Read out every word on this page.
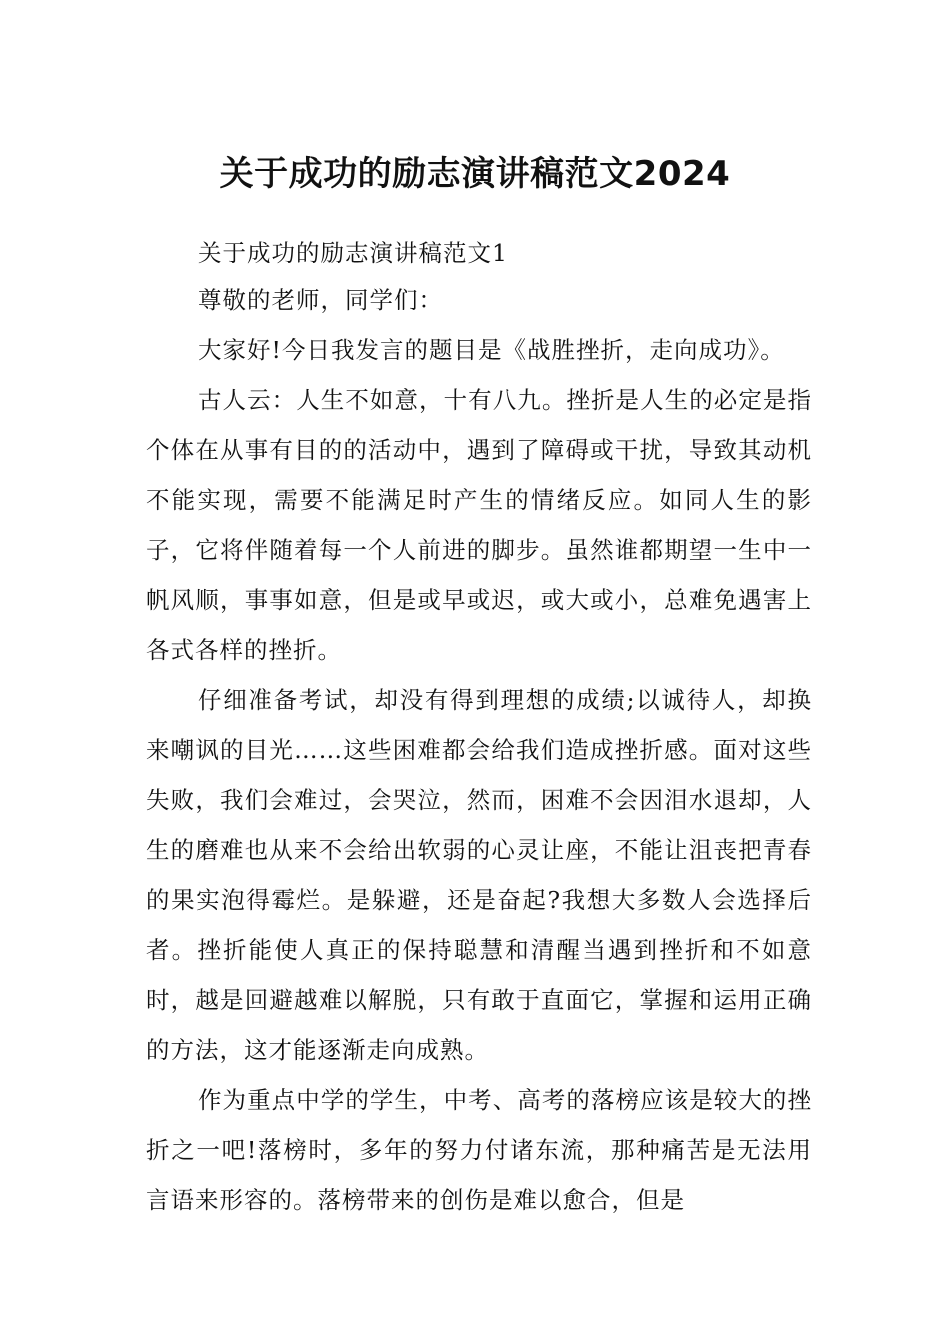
关于成功的励志演讲稿范文2024

关于成功的励志演讲稿范文1

尊敬的老师，同学们：

大家好!今日我发言的题目是《战胜挫折，走向成功》。

古人云：人生不如意，十有八九。挫折是人生的必定是指个体在从事有目的的活动中，遇到了障碍或干扰，导致其动机不能实现，需要不能满足时产生的情绪反应。如同人生的影子，它将伴随着每一个人前进的脚步。虽然谁都期望一生中一帆风顺，事事如意，但是或早或迟，或大或小，总难免遇害上各式各样的挫折。

仔细准备考试，却没有得到理想的成绩;以诚待人，却换来嘲讽的目光……这些困难都会给我们造成挫折感。面对这些失败，我们会难过，会哭泣，然而，困难不会因泪水退却，人生的磨难也从来不会给出软弱的心灵让座，不能让沮丧把青春的果实泡得霉烂。是躲避，还是奋起?我想大多数人会选择后者。挫折能使人真正的保持聪慧和清醒当遇到挫折和不如意时，越是回避越难以解脱，只有敢于直面它，掌握和运用正确的方法，这才能逐渐走向成熟。

作为重点中学的学生，中考、高考的落榜应该是较大的挫折之一吧!落榜时，多年的努力付诸东流，那种痛苦是无法用言语来形容的。落榜带来的创伤是难以愈合，但是
